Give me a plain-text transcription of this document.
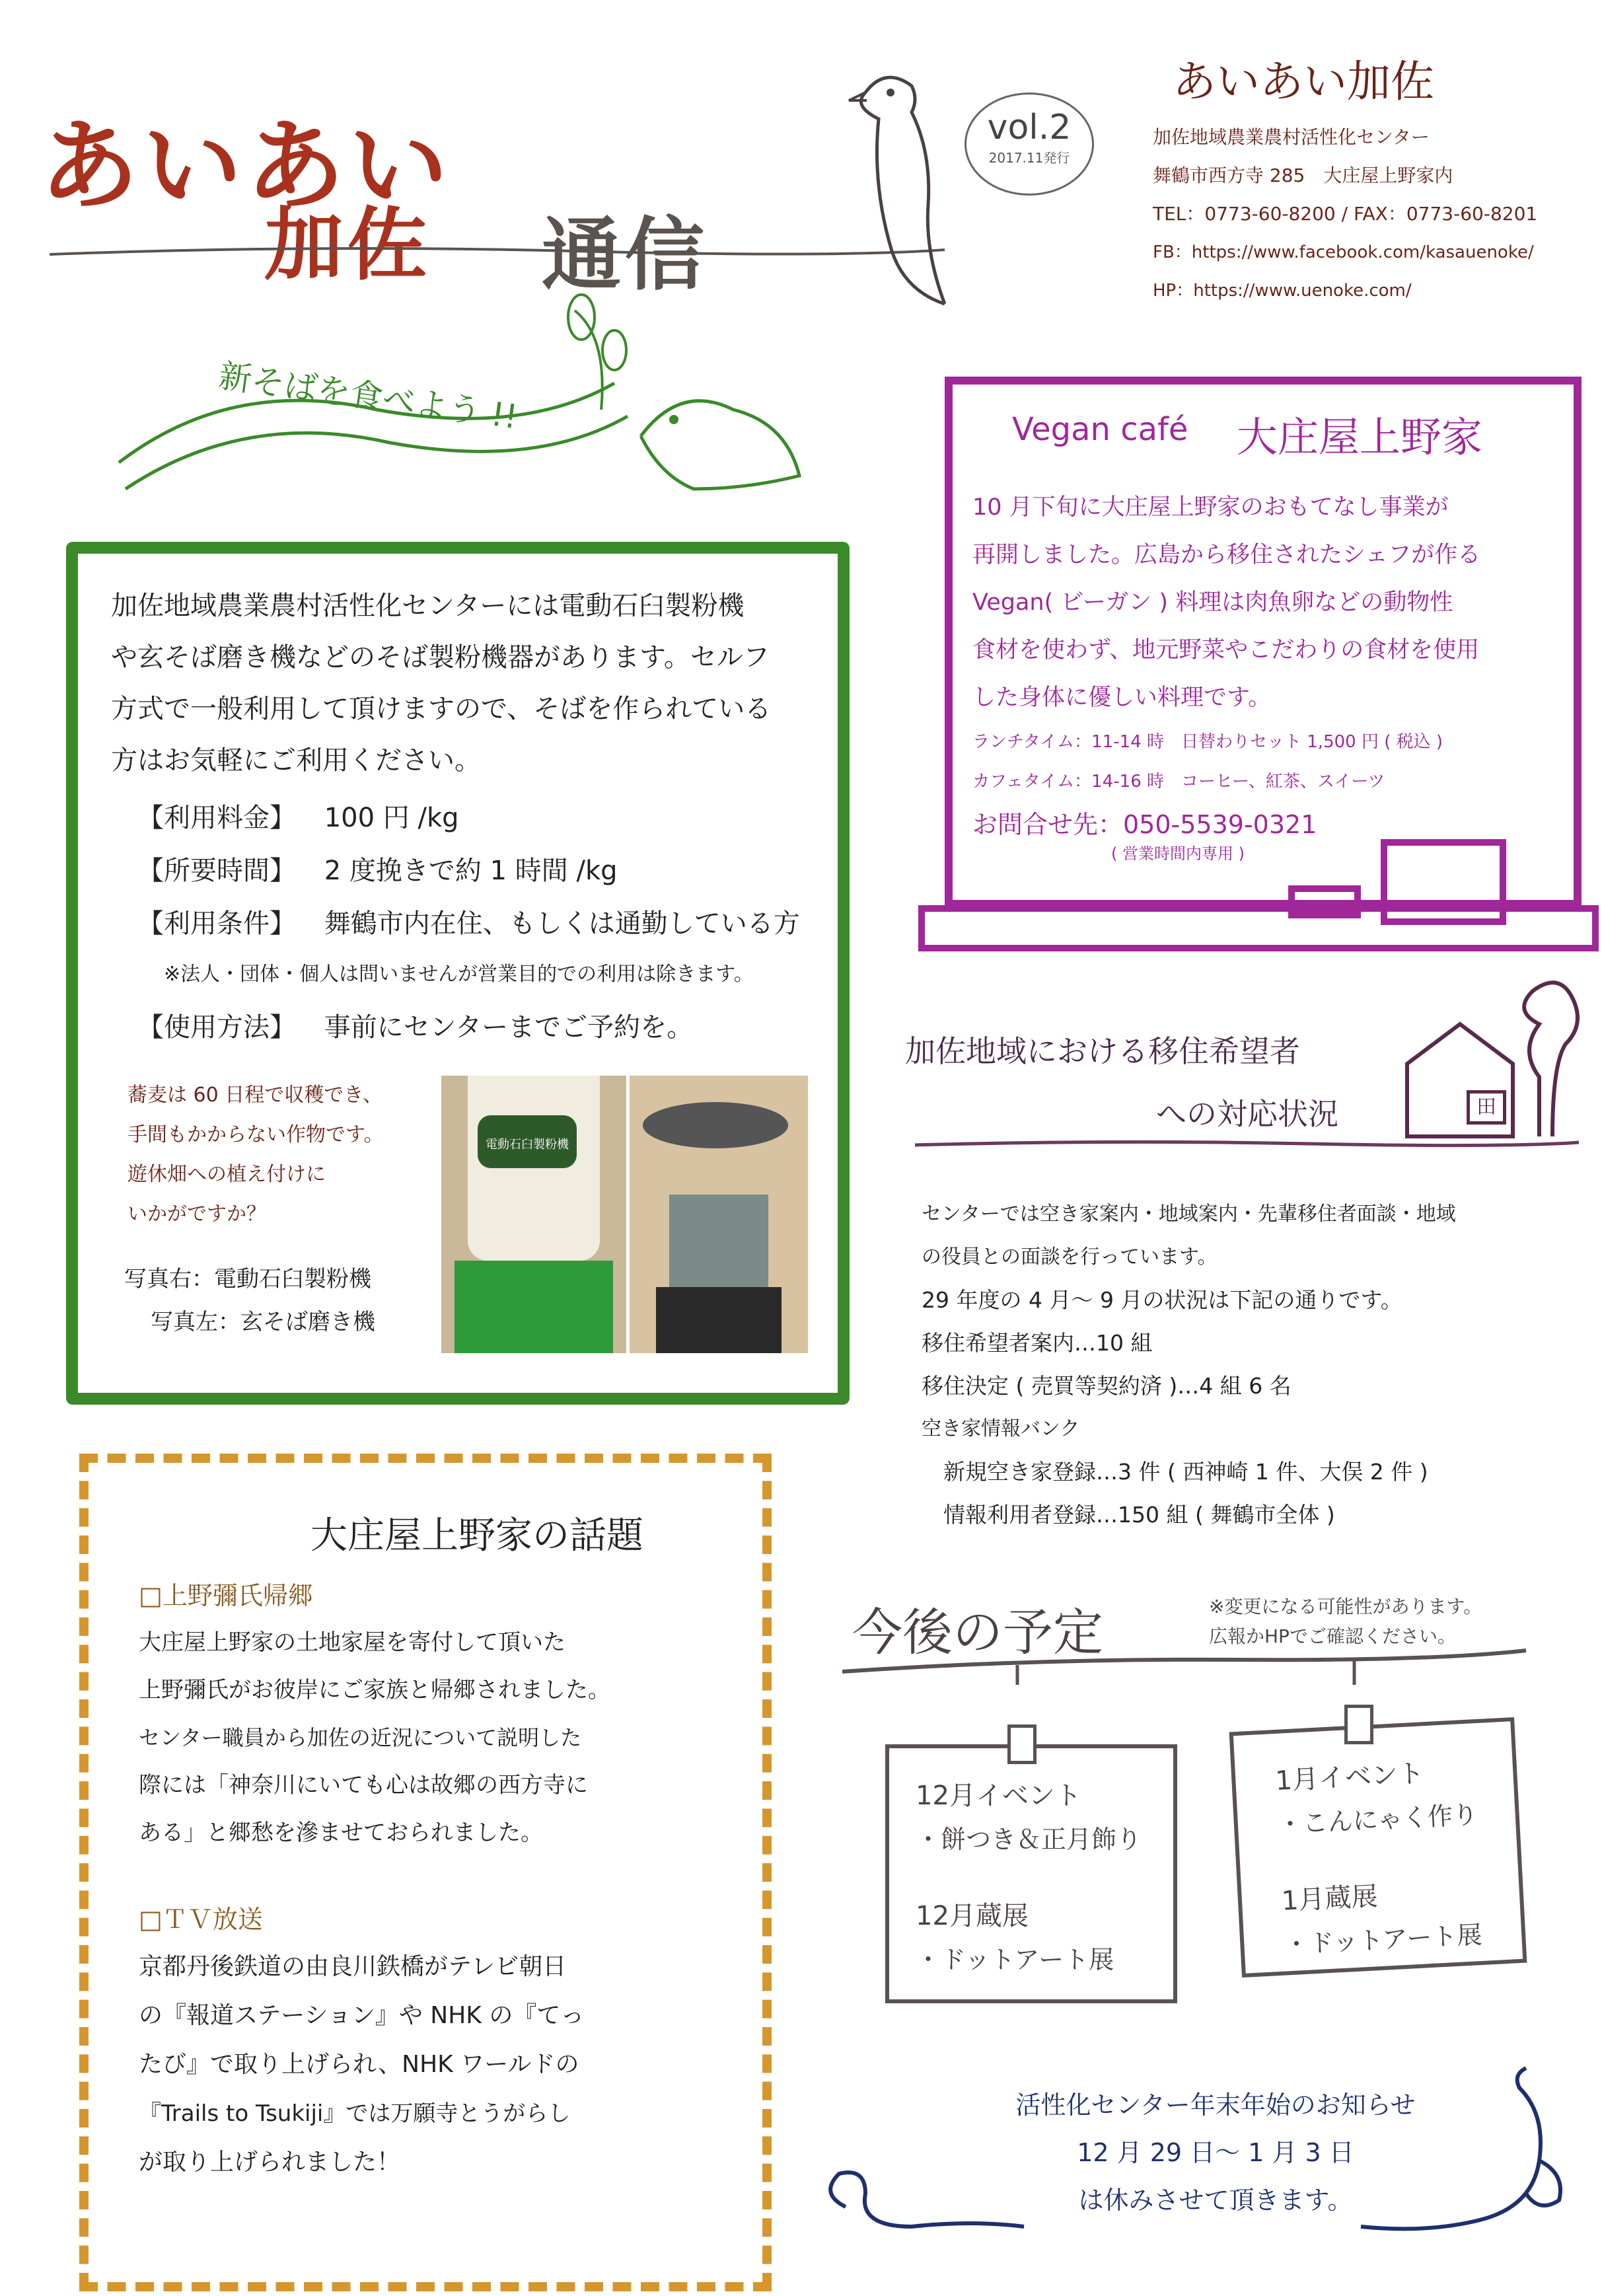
あいあい
加佐 通信
vol.2
2017.11発行
あいあい加佐
加佐地域農業農村活性化センター
舞鶴市西方寺 285　大庄屋上野家内
TEL：0773-60-8200 / FAX：0773-60-8201
FB：https://www.facebook.com/kasauenoke/
HP：https://www.uenoke.com/
新そばを食べよう !!
加佐地域農業農村活性化センターには電動石臼製粉機
や玄そば磨き機などのそば製粉機器があります。セルフ
方式で一般利用して頂けますので、そばを作られている
方はお気軽にご利用ください。
【利用料金】 100 円 /kg
【所要時間】 2 度挽きで約 1 時間 /kg
【利用条件】 舞鶴市内在住、もしくは通勤している方
※法人・団体・個人は問いませんが営業目的での利用は除きます。
【使用方法】 事前にセンターまでご予約を。
蕎麦は 60 日程で収穫でき、
手間もかからない作物です。
遊休畑への植え付けに
いかがですか？
写真右：電動石臼製粉機
写真左：玄そば磨き機
電動石臼製粉機
Vegan café 大庄屋上野家
10 月下旬に大庄屋上野家のおもてなし事業が
再開しました。広島から移住されたシェフが作る
Vegan( ビーガン ) 料理は肉魚卵などの動物性
食材を使わず、地元野菜やこだわりの食材を使用
した身体に優しい料理です。
ランチタイム：11-14 時　日替わりセット 1,500 円 ( 税込 )
カフェタイム：14-16 時　コーヒー、紅茶、スイーツ
お問合せ先：050-5539-0321
( 営業時間内専用 )
加佐地域における移住希望者
への対応状況	田
センターでは空き家案内・地域案内・先輩移住者面談・地域
の役員との面談を行っています。
29 年度の 4 月～ 9 月の状況は下記の通りです。
移住希望者案内…10 組
移住決定 ( 売買等契約済 )…4 組 6 名
空き家情報バンク
　新規空き家登録…3 件 ( 西神崎 1 件、大俣 2 件 )
　情報利用者登録…150 組 ( 舞鶴市全体 )
大庄屋上野家の話題
□上野彌氏帰郷
大庄屋上野家の土地家屋を寄付して頂いた
上野彌氏がお彼岸にご家族と帰郷されました。
センター職員から加佐の近況について説明した
際には「神奈川にいても心は故郷の西方寺に
ある」と郷愁を滲ませておられました。
□ＴＶ放送
京都丹後鉄道の由良川鉄橋がテレビ朝日
の『報道ステーション』や NHK の『てっ
たび』で取り上げられ、NHK ワールドの
『Trails to Tsukiji』では万願寺とうがらし
が取り上げられました！
今後の予定	※変更になる可能性があります。
広報かHPでご確認ください。
12月イベント
・餅つき＆正月飾り
12月蔵展
・ドットアート展
1月イベント
・こんにゃく作り
1月蔵展
・ドットアート展
活性化センター年末年始のお知らせ
12 月 29 日～ 1 月 3 日
は休みさせて頂きます。
